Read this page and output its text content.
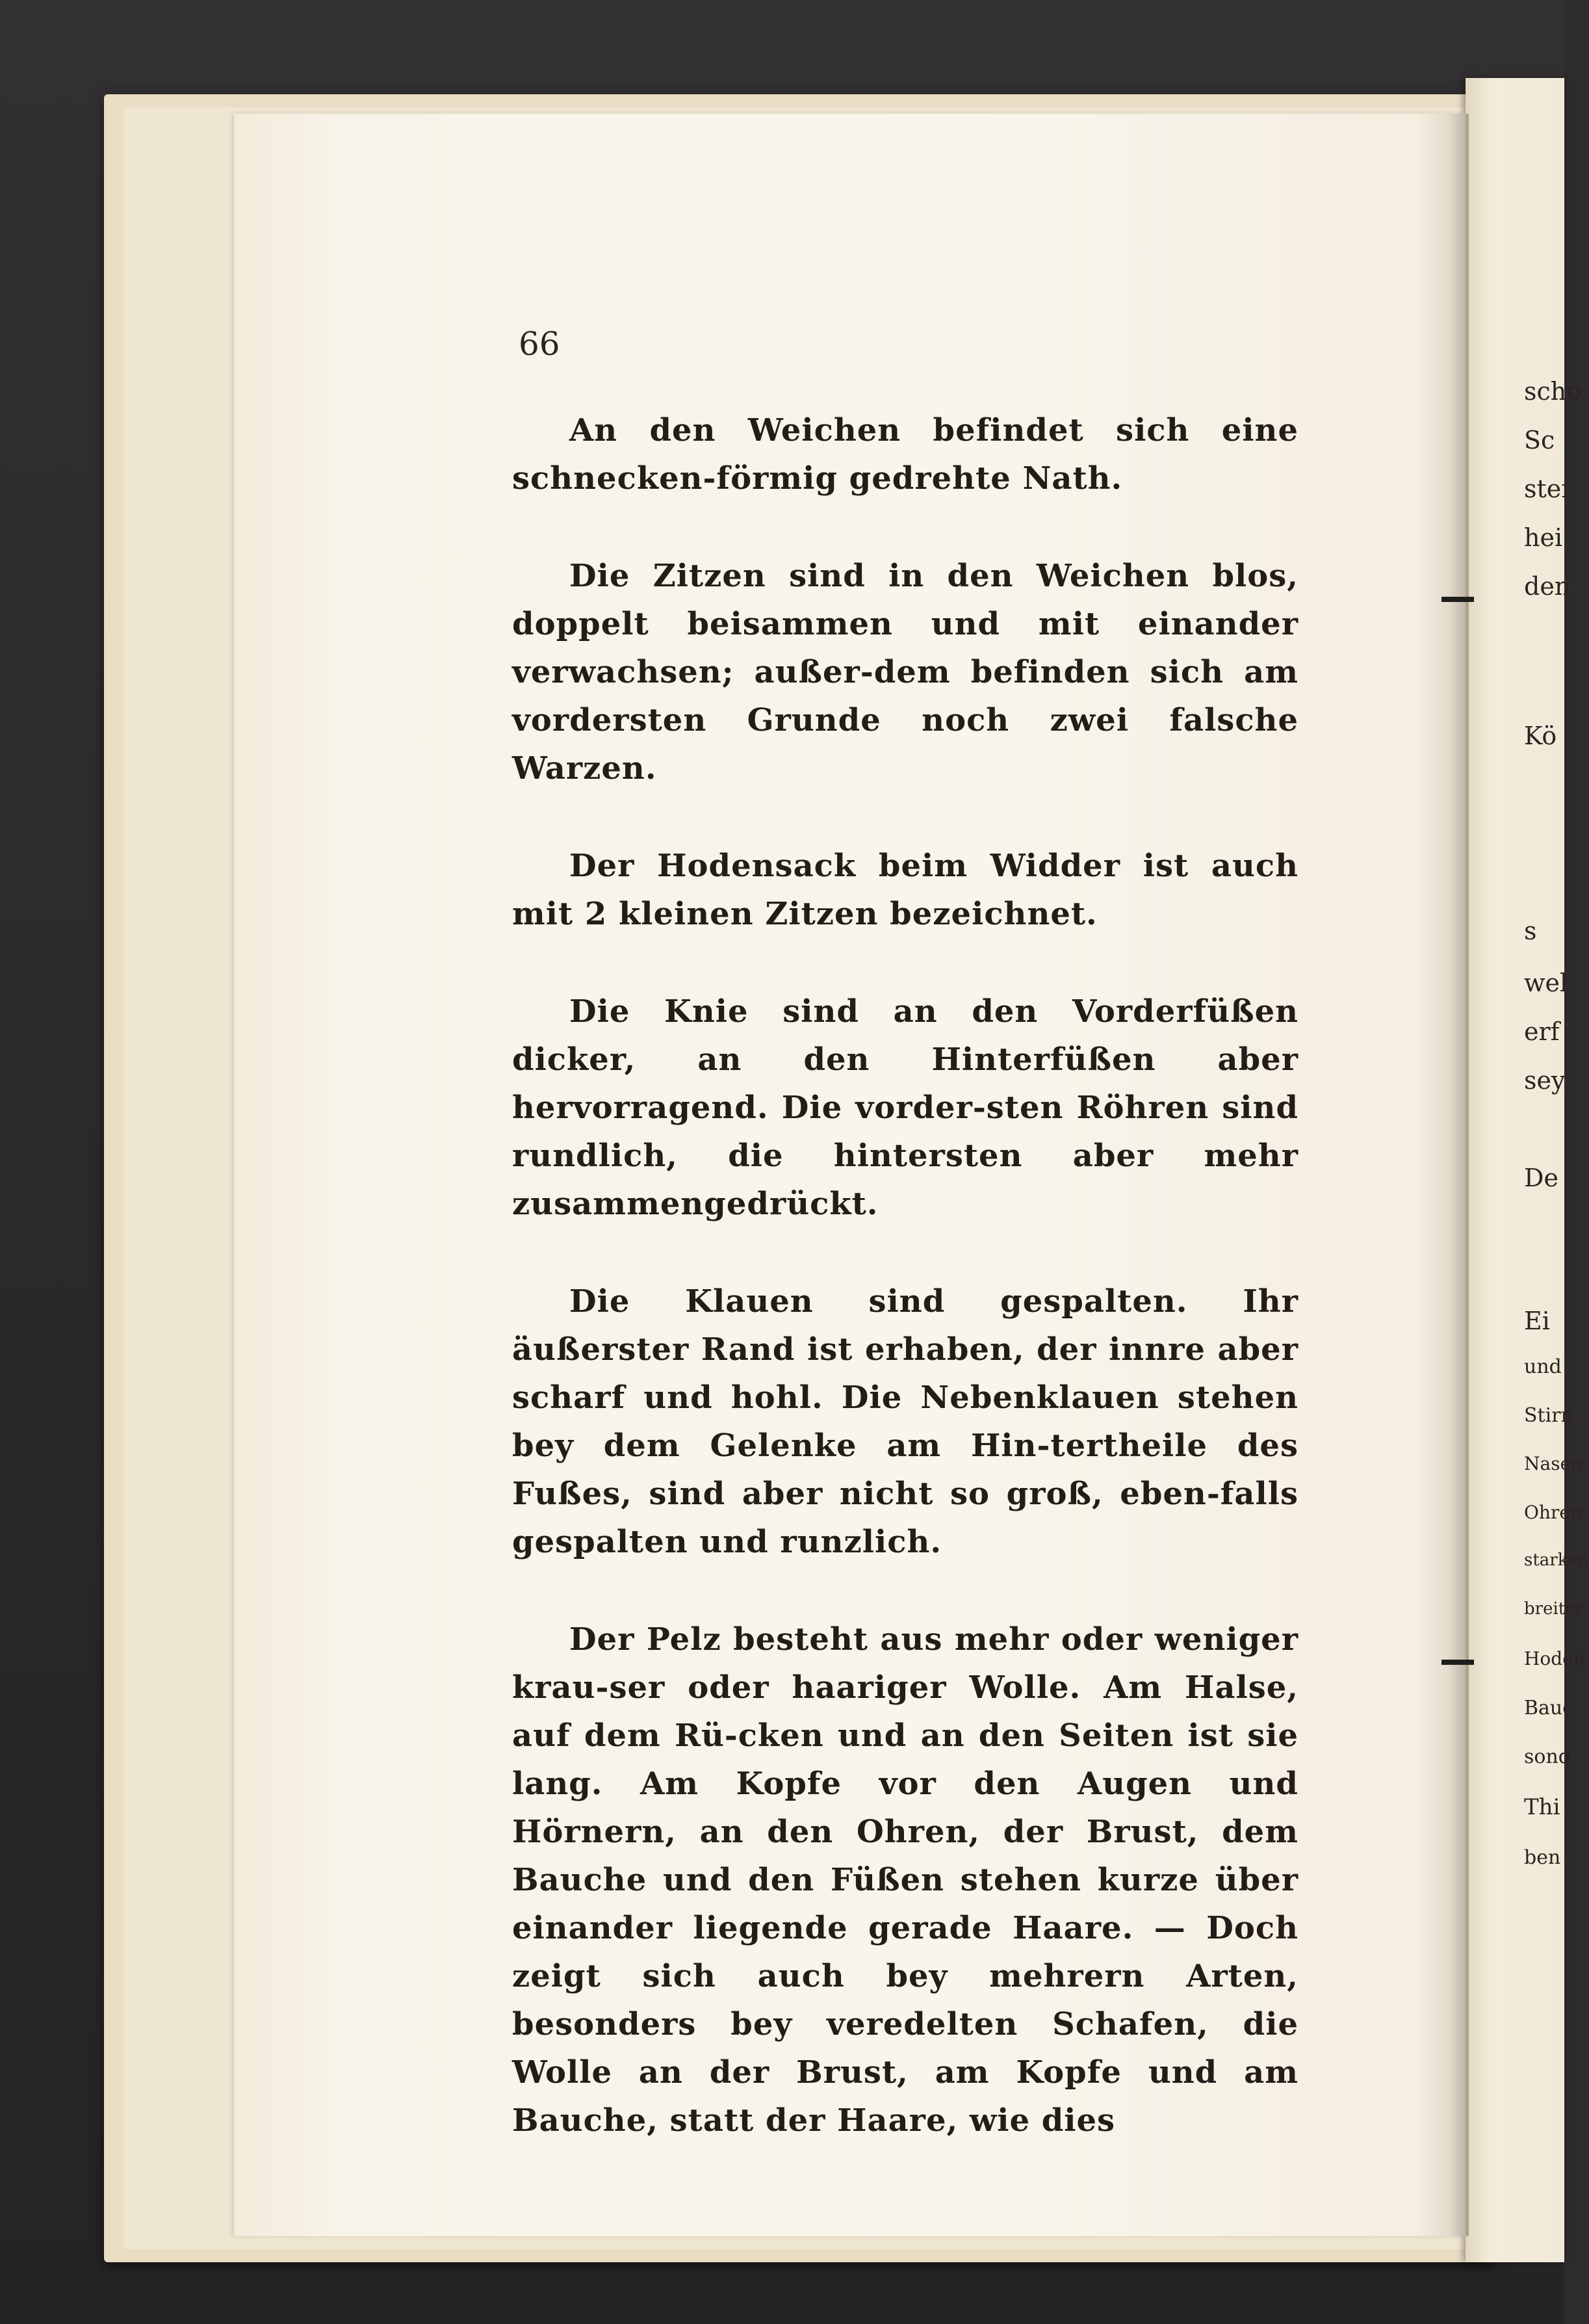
scho
Sc
ster
hei
den
Kö
s
wel
erf
sey
De
Ei
und
Stirn
Nasen
Ohren
starken
breiter
Hoden
Bauc
sond
Thi
ben
66

An den Weichen befindet sich eine schnecken-förmig gedrehte Nath.

Die Zitzen sind in den Weichen blos, doppelt beisammen und mit einander verwachsen; außer-dem befinden sich am vordersten Grunde noch zwei falsche Warzen.

Der Hodensack beim Widder ist auch mit 2 kleinen Zitzen bezeichnet.

Die Knie sind an den Vorderfüßen dicker, an den Hinterfüßen aber hervorragend. Die vorder-sten Röhren sind rundlich, die hintersten aber mehr zusammengedrückt.

Die Klauen sind gespalten. Ihr äußerster Rand ist erhaben, der innre aber scharf und hohl. Die Nebenklauen stehen bey dem Gelenke am Hin-tertheile des Fußes, sind aber nicht so groß, eben-falls gespalten und runzlich.

Der Pelz besteht aus mehr oder weniger krau-ser oder haariger Wolle. Am Halse, auf dem Rü-cken und an den Seiten ist sie lang. Am Kopfe vor den Augen und Hörnern, an den Ohren, der Brust, dem Bauche und den Füßen stehen kurze über einander liegende gerade Haare. — Doch zeigt sich auch bey mehrern Arten, besonders bey veredelten Schafen, die Wolle an der Brust, am Kopfe und am Bauche, statt der Haare, wie dies
